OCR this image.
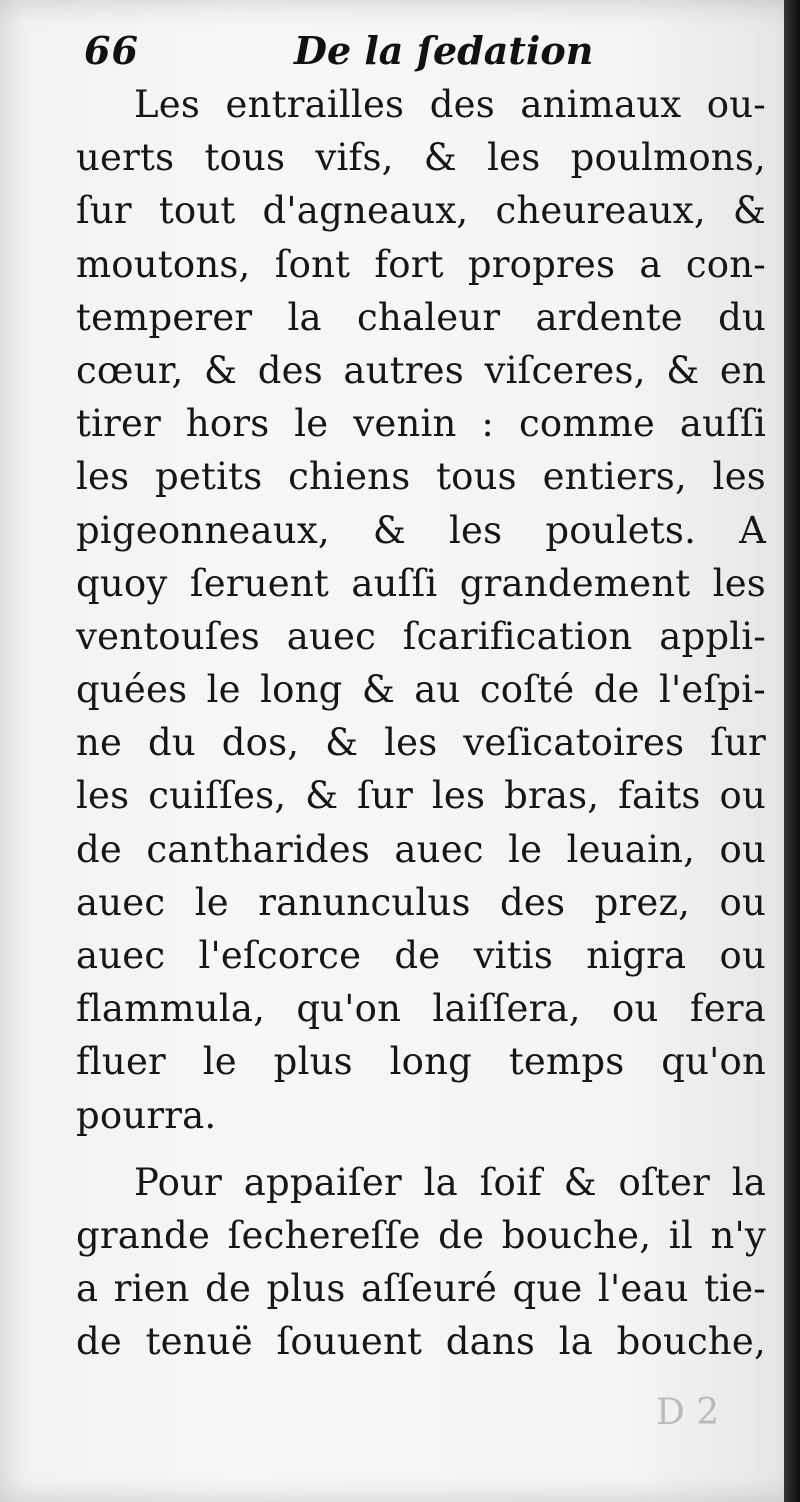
66	De la ſedation
Les entrailles des animaux ou-
uerts tous vifs, & les poulmons,
ſur tout d'agneaux, cheureaux, &
moutons, ſont fort propres a con-
temperer la chaleur ardente du
cœur, & des autres viſceres, & en
tirer hors le venin : comme auſſi
les petits chiens tous entiers, les
pigeonneaux, & les poulets. A
quoy ſeruent auſſi grandement les
ventouſes auec ſcarification appli-
quées le long & au coſté de l'eſpi-
ne du dos, & les veſicatoires ſur
les cuiſſes, & ſur les bras, faits ou
de cantharides auec le leuain, ou
auec le ranunculus des prez, ou
auec l'eſcorce de vitis nigra ou
flammula, qu'on laiſſera, ou fera
fluer le plus long temps qu'on
pourra.
Pour appaiſer la ſoif & oſter la
grande ſechereſſe de bouche, il n'y
a rien de plus aſſeuré que l'eau tie-
de tenuë ſouuent dans la bouche,
D 2
